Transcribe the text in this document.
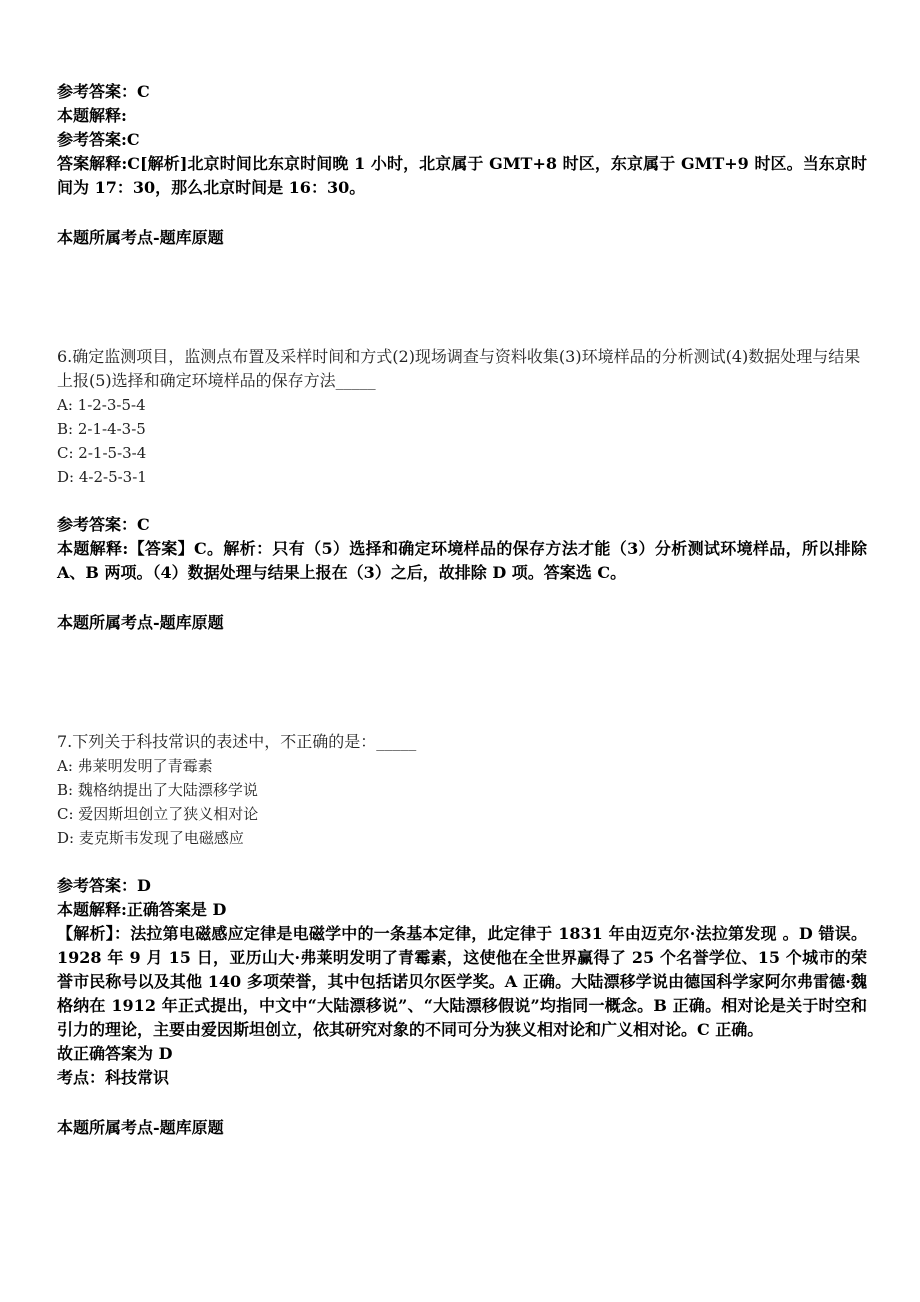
参考答案：C
本题解释:
参考答案:C
答案解释:C[解析]北京时间比东京时间晚 1 小时，北京属于 GMT+8 时区，东京属于 GMT+9 时区。当东京时间为 17：30，那么北京时间是 16：30。
本题所属考点-题库原题
6.确定监测项目，监测点布置及采样时间和方式(2)现场调查与资料收集(3)环境样品的分析测试(4)数据处理与结果上报(5)选择和确定环境样品的保存方法_____
A: 1-2-3-5-4
B: 2-1-4-3-5
C: 2-1-5-3-4
D: 4-2-5-3-1
参考答案：C
本题解释:【答案】C。解析：只有（5）选择和确定环境样品的保存方法才能（3）分析测试环境样品，所以排除 A、B 两项。（4）数据处理与结果上报在（3）之后，故排除 D 项。答案选 C。
本题所属考点-题库原题
7.下列关于科技常识的表述中，不正确的是：_____
A: 弗莱明发明了青霉素
B: 魏格纳提出了大陆漂移学说
C: 爱因斯坦创立了狭义相对论
D: 麦克斯韦发现了电磁感应
参考答案：D
本题解释:正确答案是 D
【解析】：法拉第电磁感应定律是电磁学中的一条基本定律，此定律于 1831 年由迈克尔·法拉第发现 。D 错误。 1928 年 9 月 15 日，亚历山大·弗莱明发明了青霉素，这使他在全世界赢得了 25 个名誉学位、15 个城市的荣誉市民称号以及其他 140 多项荣誉，其中包括诺贝尔医学奖。A 正确。大陆漂移学说由德国科学家阿尔弗雷德·魏格纳在 1912 年正式提出，中文中“大陆漂移说”、“大陆漂移假说”均指同一概念。B 正确。相对论是关于时空和引力的理论，主要由爱因斯坦创立，依其研究对象的不同可分为狭义相对论和广义相对论。C 正确。
故正确答案为 D
考点：科技常识
本题所属考点-题库原题
